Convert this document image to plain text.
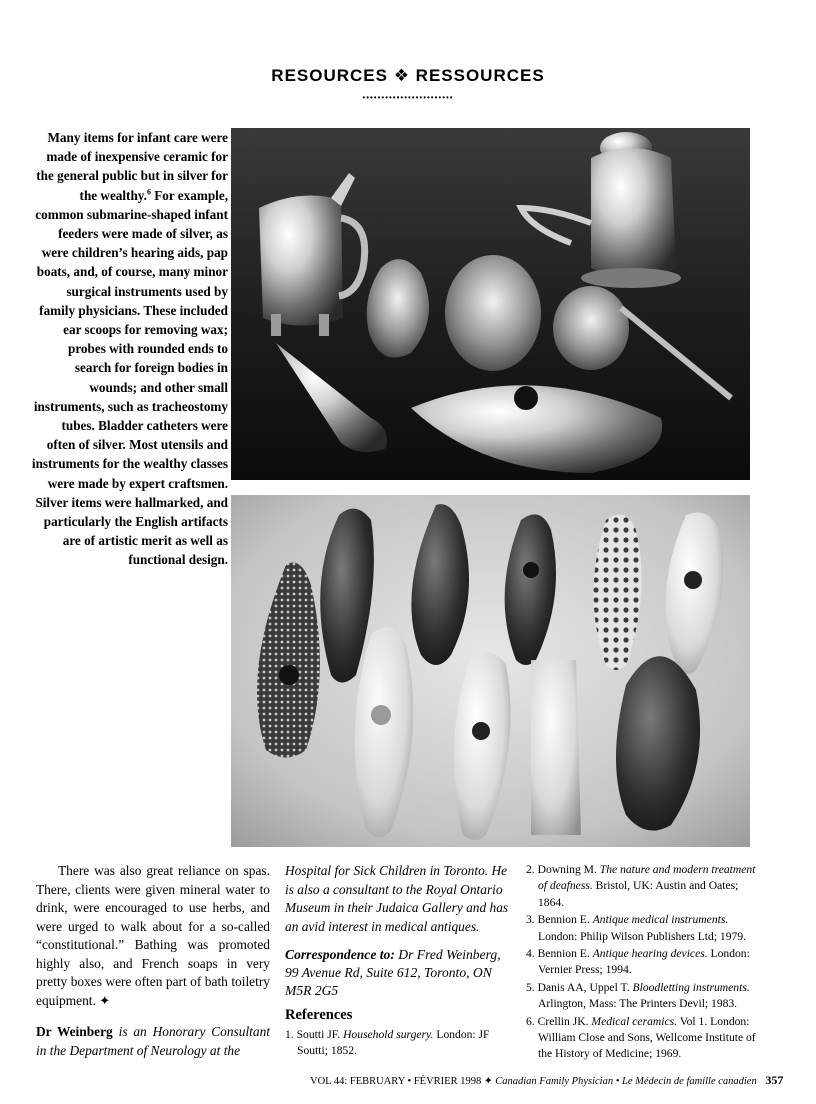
RESOURCES ❖ RESSOURCES
••••••••••••••••••••••••
Many items for infant care were made of inexpensive ceramic for the general public but in silver for the wealthy.$^6$ For example, common submarine-shaped infant feeders were made of silver, as were children’s hearing aids, pap boats, and, of course, many minor surgical instruments used by family physicians. These included ear scoops for removing wax; probes with rounded ends to search for foreign bodies in wounds; and other small instruments, such as tracheostomy tubes. Bladder catheters were often of silver. Most utensils and instruments for the wealthy classes were made by expert craftsmen. Silver items were hallmarked, and particularly the English artifacts are of artistic merit as well as functional design.

There was also great reliance on spas. There, clients were given mineral water to drink, were encouraged to use herbs, and were urged to walk about for a so-called “constitutional.” Bathing was promoted highly also, and French soaps in very pretty boxes were often part of bath toiletry equipment. ✦

Dr Weinberg is an Honorary Consultant in the Department of Neurology at the

Hospital for Sick Children in Toronto. He is also a consultant to the Royal Ontario Museum in their Judaica Gallery and has an avid interest in medical antiques.

Correspondence to: Dr Fred Weinberg, 99 Avenue Rd, Suite 612, Toronto, ON M5R 2G5

References

1. Soutti JF. Household surgery. London: JF Soutti; 1852.

2. Downing M. The nature and modern treatment of deafness. Bristol, UK: Austin and Oates; 1864.

3. Bennion E. Antique medical instruments. London: Philip Wilson Publishers Ltd; 1979.

4. Bennion E. Antique hearing devices. London: Vernier Press; 1994.

5. Danis AA, Uppel T. Bloodletting instruments. Arlington, Mass: The Printers Devil; 1983.

6. Crellin JK. Medical ceramics. Vol 1. London: William Close and Sons, Wellcome Institute of the History of Medicine; 1969.

VOL 44: FEBRUARY • FÉVRIER 1998 ✦ Canadian Family Physician • Le Médecin de famille canadien 357
